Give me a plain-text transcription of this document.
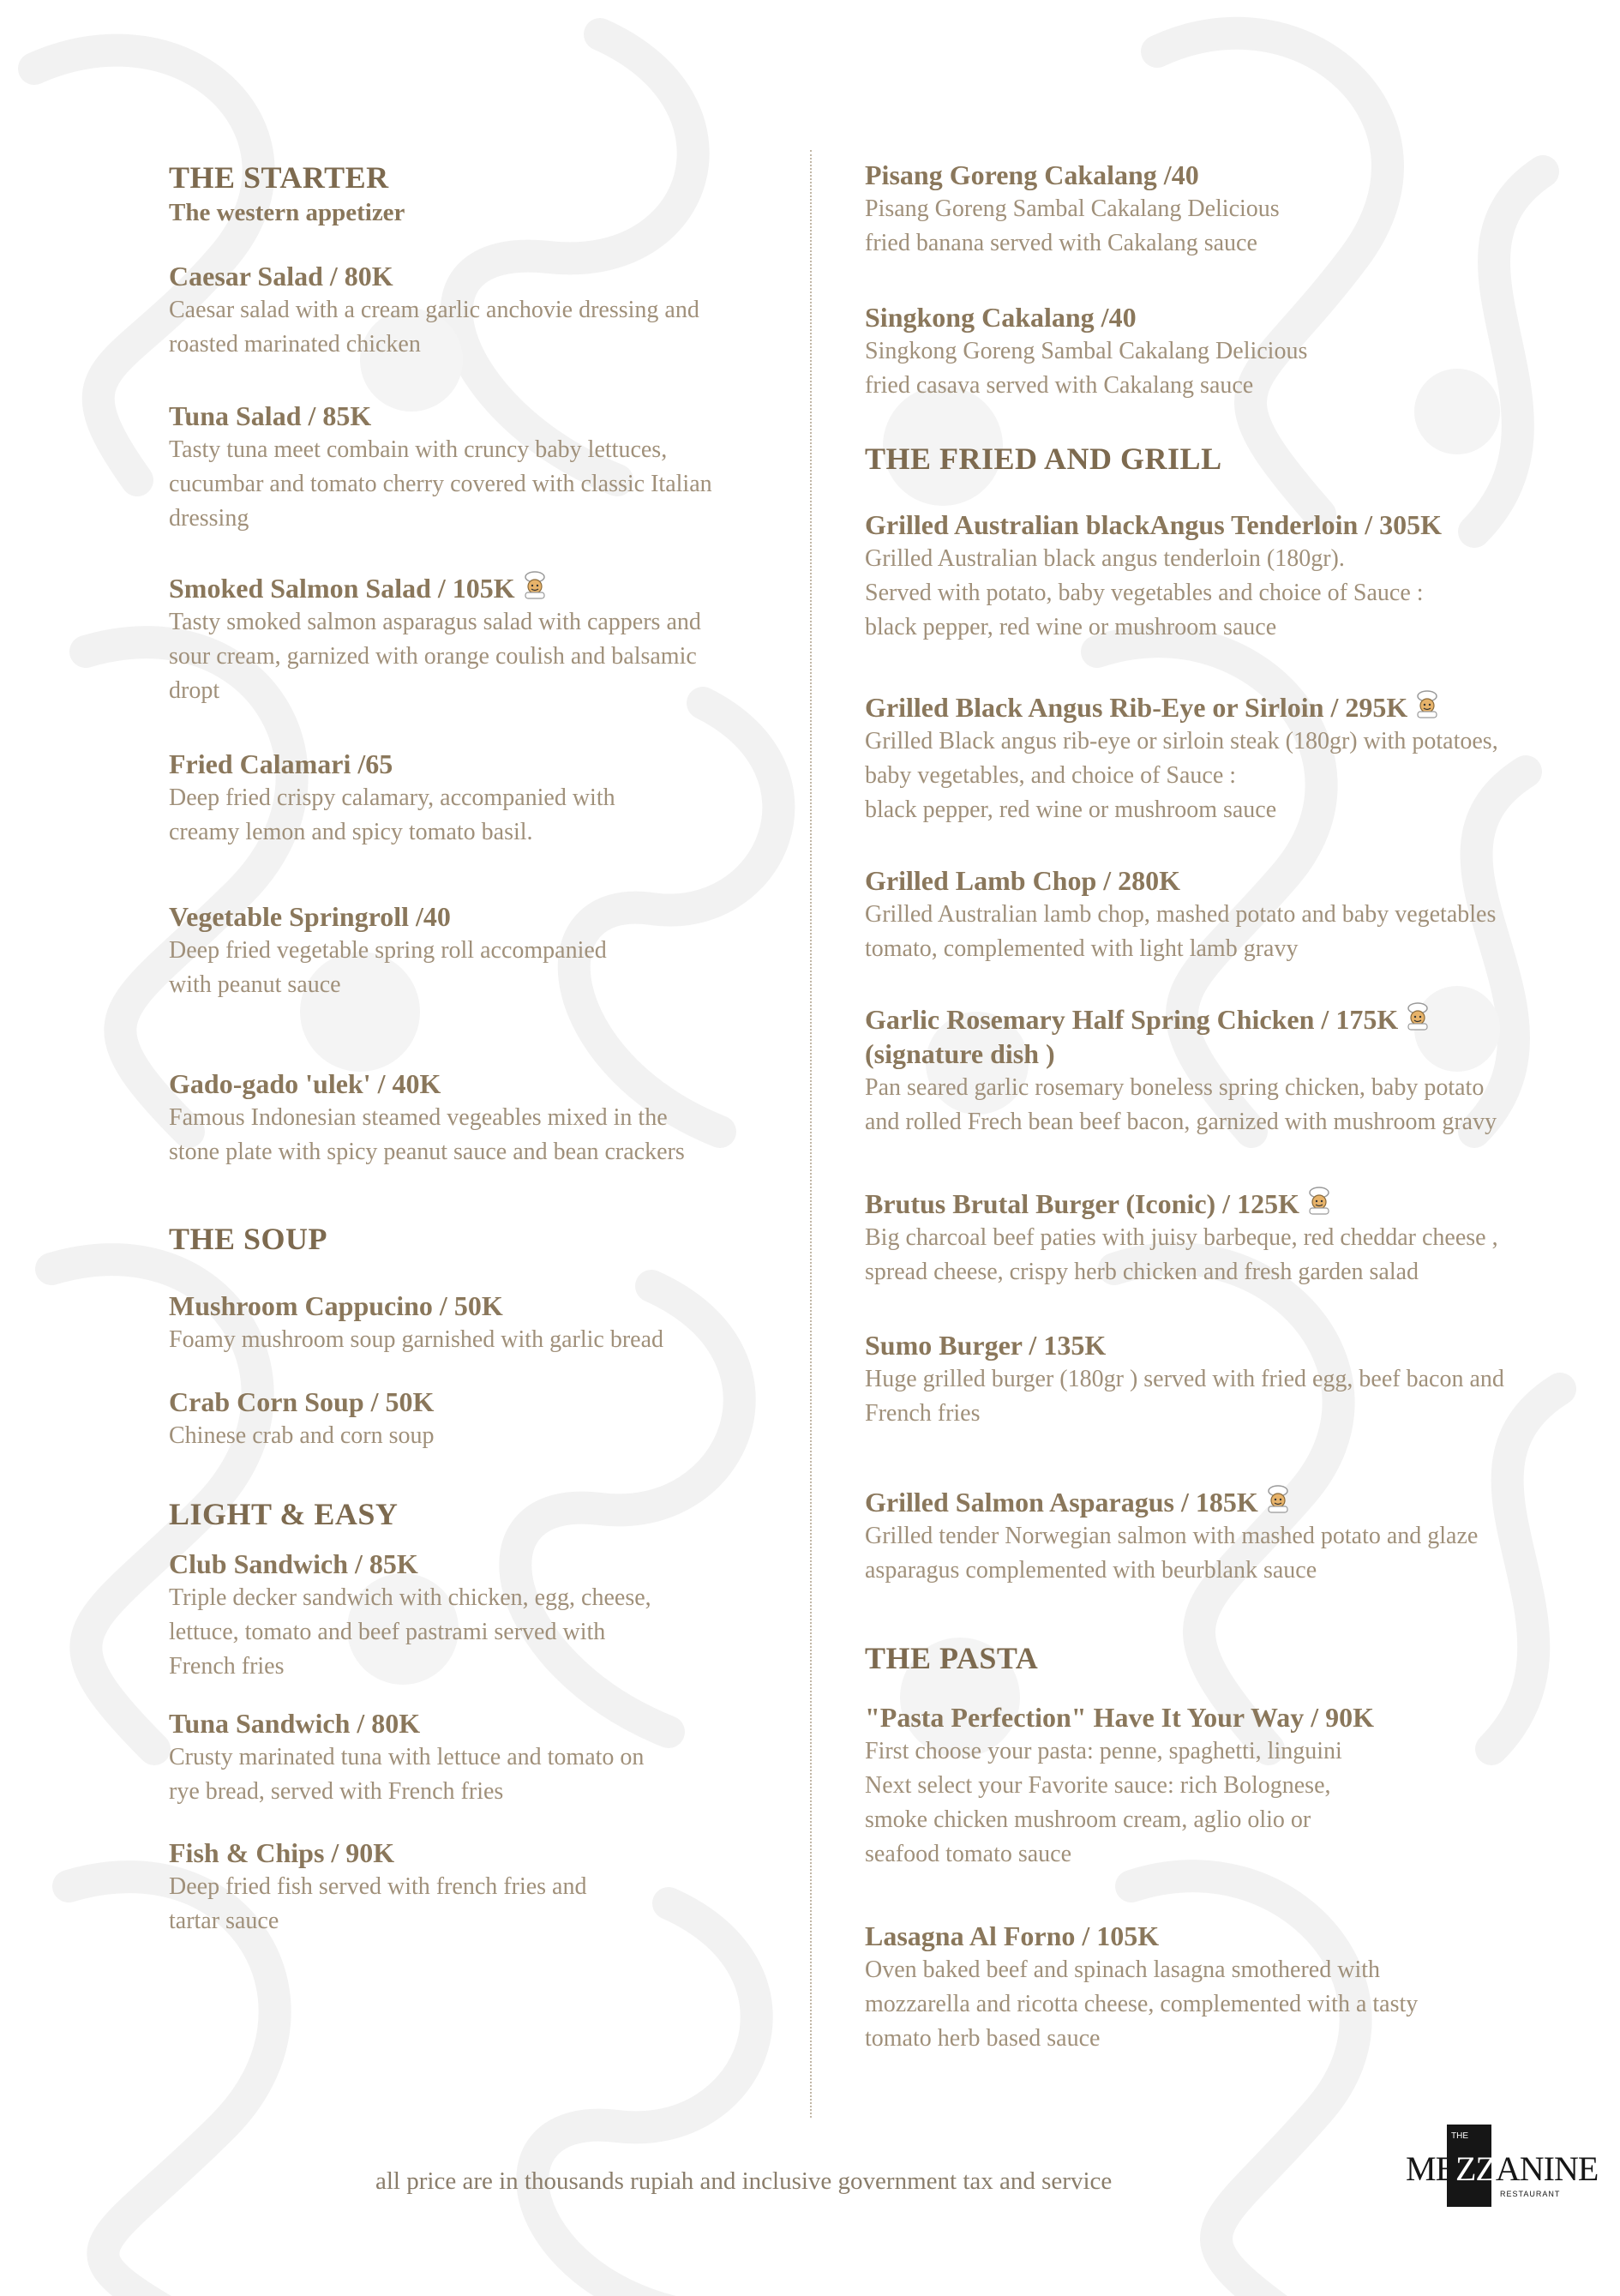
THE STARTER
The western appetizer
Caesar Salad / 80K
Caesar salad with a cream garlic anchovie dressing and
roasted marinated chicken
Tuna Salad / 85K
Tasty tuna meet combain with cruncy baby lettuces,
cucumbar and tomato cherry covered with classic Italian
dressing
Smoked Salmon Salad / 105K
Tasty smoked salmon asparagus salad with cappers and
sour cream, garnized with orange coulish and balsamic
dropt
Fried Calamari /65
Deep fried crispy calamary, accompanied with
creamy lemon and spicy tomato basil.
Vegetable Springroll /40
Deep fried vegetable spring roll accompanied
with peanut sauce
Gado-gado 'ulek' / 40K
Famous Indonesian steamed vegeables mixed in the
stone plate with spicy peanut sauce and bean crackers
THE SOUP
Mushroom Cappucino / 50K
Foamy mushroom soup garnished with garlic bread
Crab Corn Soup / 50K
Chinese crab and corn soup
LIGHT & EASY
Club Sandwich / 85K
Triple decker sandwich with chicken, egg, cheese,
lettuce, tomato and beef pastrami served with
French fries
Tuna Sandwich / 80K
Crusty marinated tuna with lettuce and tomato on
rye bread, served with French fries
Fish & Chips / 90K
Deep fried fish served with french fries and
tartar sauce
Pisang Goreng Cakalang /40
Pisang Goreng Sambal Cakalang Delicious
fried banana served with Cakalang sauce
Singkong Cakalang /40
Singkong Goreng Sambal Cakalang Delicious
fried casava served with Cakalang sauce
THE FRIED AND GRILL
Grilled Australian blackAngus Tenderloin / 305K
Grilled Australian black angus tenderloin (180gr).
Served with potato, baby vegetables and choice of Sauce :
black pepper, red wine or mushroom sauce
Grilled Black Angus Rib-Eye or Sirloin / 295K
Grilled Black angus rib-eye or sirloin steak (180gr) with potatoes,
baby vegetables, and choice of Sauce :
black pepper, red wine or mushroom sauce
Grilled Lamb Chop / 280K
Grilled Australian lamb chop, mashed potato and baby vegetables
tomato, complemented with light lamb gravy
Garlic Rosemary Half Spring Chicken / 175K
(signature dish )
Pan seared garlic rosemary boneless spring chicken, baby potato
and rolled Frech bean beef bacon, garnized with mushroom gravy
Brutus Brutal Burger (Iconic) / 125K
Big charcoal beef paties with juisy barbeque, red cheddar cheese ,
spread cheese, crispy herb chicken and fresh garden salad
Sumo Burger / 135K
Huge grilled burger (180gr ) served with fried egg, beef bacon and
French fries
Grilled Salmon Asparagus / 185K
Grilled tender Norwegian salmon with mashed potato and glaze
asparagus complemented with beurblank sauce
THE PASTA
"Pasta Perfection" Have It Your Way / 90K
First choose your pasta: penne, spaghetti, linguini
Next select your Favorite sauce: rich Bolognese,
smoke chicken mushroom cream, aglio olio or
seafood tomato sauce
Lasagna Al Forno / 105K
Oven baked beef and spinach lasagna smothered with
mozzarella and ricotta cheese, complemented with a tasty
tomato herb based sauce
all price are in thousands rupiah and inclusive government tax and service
THE
MEZZANINE
RESTAURANT
